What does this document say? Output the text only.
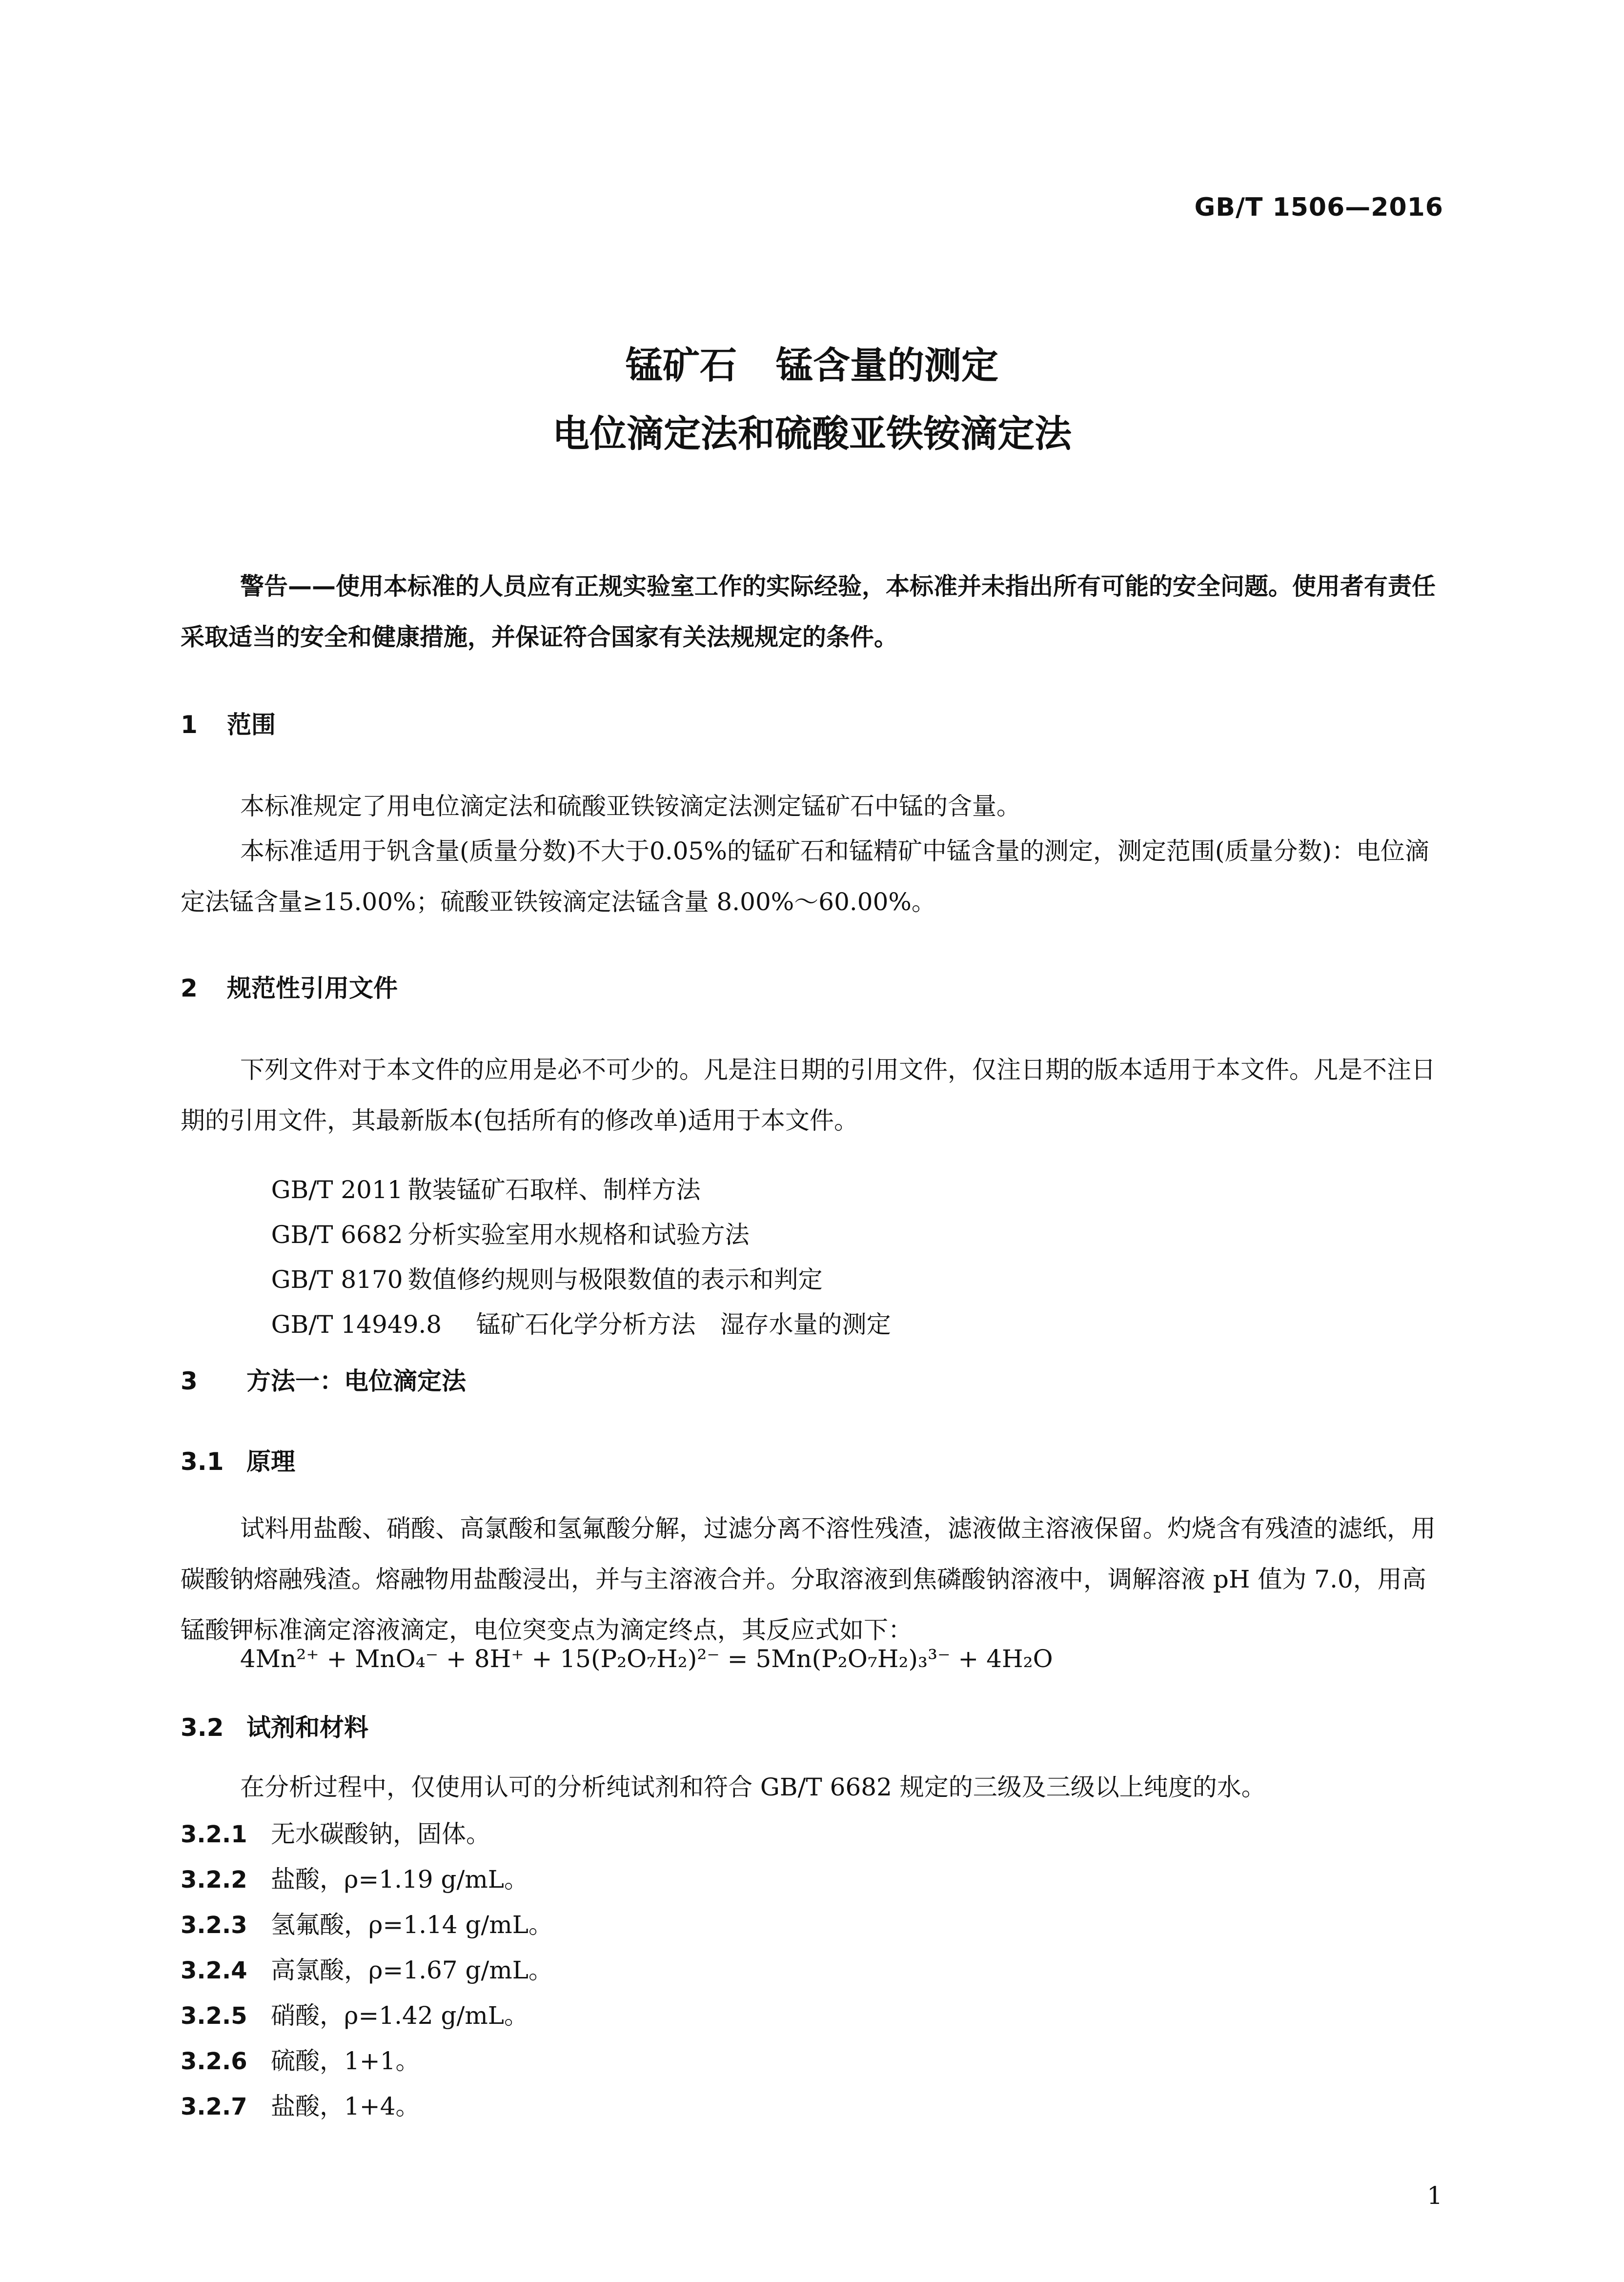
GB/T 1506—2016
锰矿石 锰含量的测定
电位滴定法和硫酸亚铁铵滴定法
警告——使用本标准的人员应有正规实验室工作的实际经验，本标准并未指出所有可能的安全问题。使用者有责任采取适当的安全和健康措施，并保证符合国家有关法规规定的条件。
1 范围
本标准规定了用电位滴定法和硫酸亚铁铵滴定法测定锰矿石中锰的含量。
本标准适用于钒含量(质量分数)不大于0.05%的锰矿石和锰精矿中锰含量的测定，测定范围(质量分数)：电位滴定法锰含量≥15.00%；硫酸亚铁铵滴定法锰含量 8.00%～60.00%。
2 规范性引用文件
下列文件对于本文件的应用是必不可少的。凡是注日期的引用文件，仅注日期的版本适用于本文件。凡是不注日期的引用文件，其最新版本(包括所有的修改单)适用于本文件。

GB/T 2011 散装锰矿石取样、制样方法

GB/T 6682 分析实验室用水规格和试验方法

GB/T 8170 数值修约规则与极限数值的表示和判定

GB/T 14949.8 锰矿石化学分析方法　湿存水量的测定

3 方法一：电位滴定法
3.1 原理
试料用盐酸、硝酸、高氯酸和氢氟酸分解，过滤分离不溶性残渣，滤液做主溶液保留。灼烧含有残渣的滤纸，用碳酸钠熔融残渣。熔融物用盐酸浸出，并与主溶液合并。分取溶液到焦磷酸钠溶液中，调解溶液 pH 值为 7.0，用高锰酸钾标准滴定溶液滴定，电位突变点为滴定终点，其反应式如下：
4Mn²⁺ + MnO₄⁻ + 8H⁺ + 15(P₂O₇H₂)²⁻ = 5Mn(P₂O₇H₂)₃³⁻ + 4H₂O
3.2 试剂和材料
在分析过程中，仅使用认可的分析纯试剂和符合 GB/T 6682 规定的三级及三级以上纯度的水。
3.2.1 无水碳酸钠，固体。
3.2.2 盐酸，ρ=1.19 g/mL。
3.2.3 氢氟酸，ρ=1.14 g/mL。
3.2.4 高氯酸，ρ=1.67 g/mL。
3.2.5 硝酸，ρ=1.42 g/mL。
3.2.6 硫酸，1+1。
3.2.7 盐酸，1+4。
1
